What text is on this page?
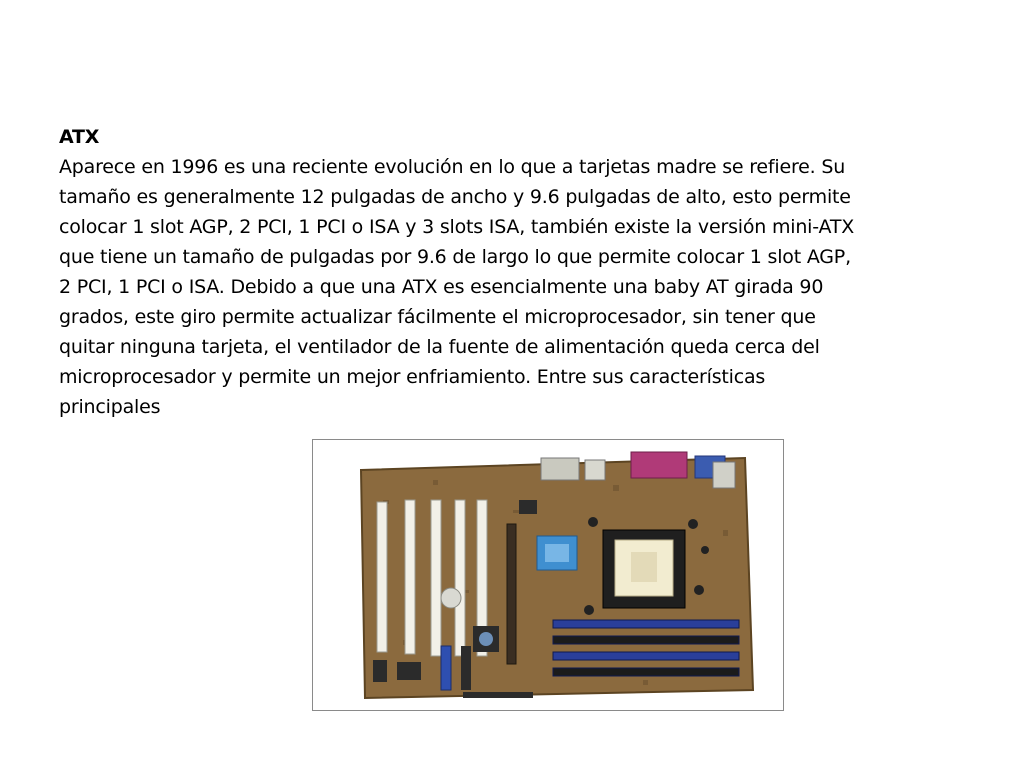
ATX

Aparece en 1996 es una reciente evolución en lo que a tarjetas madre se refiere. Su
tamaño es generalmente 12 pulgadas de ancho y 9.6 pulgadas de alto, esto permite
colocar 1 slot AGP, 2 PCI, 1 PCI o ISA y 3 slots ISA, también existe la versión mini-ATX
que tiene un tamaño de pulgadas por 9.6 de largo lo que permite colocar 1 slot AGP,
2 PCI, 1 PCI o ISA. Debido a que una ATX es esencialmente una baby AT girada 90
grados, este giro permite actualizar fácilmente el microprocesador, sin tener que
quitar ninguna tarjeta, el ventilador de la fuente de alimentación queda cerca del
microprocesador y permite un mejor enfriamiento. Entre sus características
principales
